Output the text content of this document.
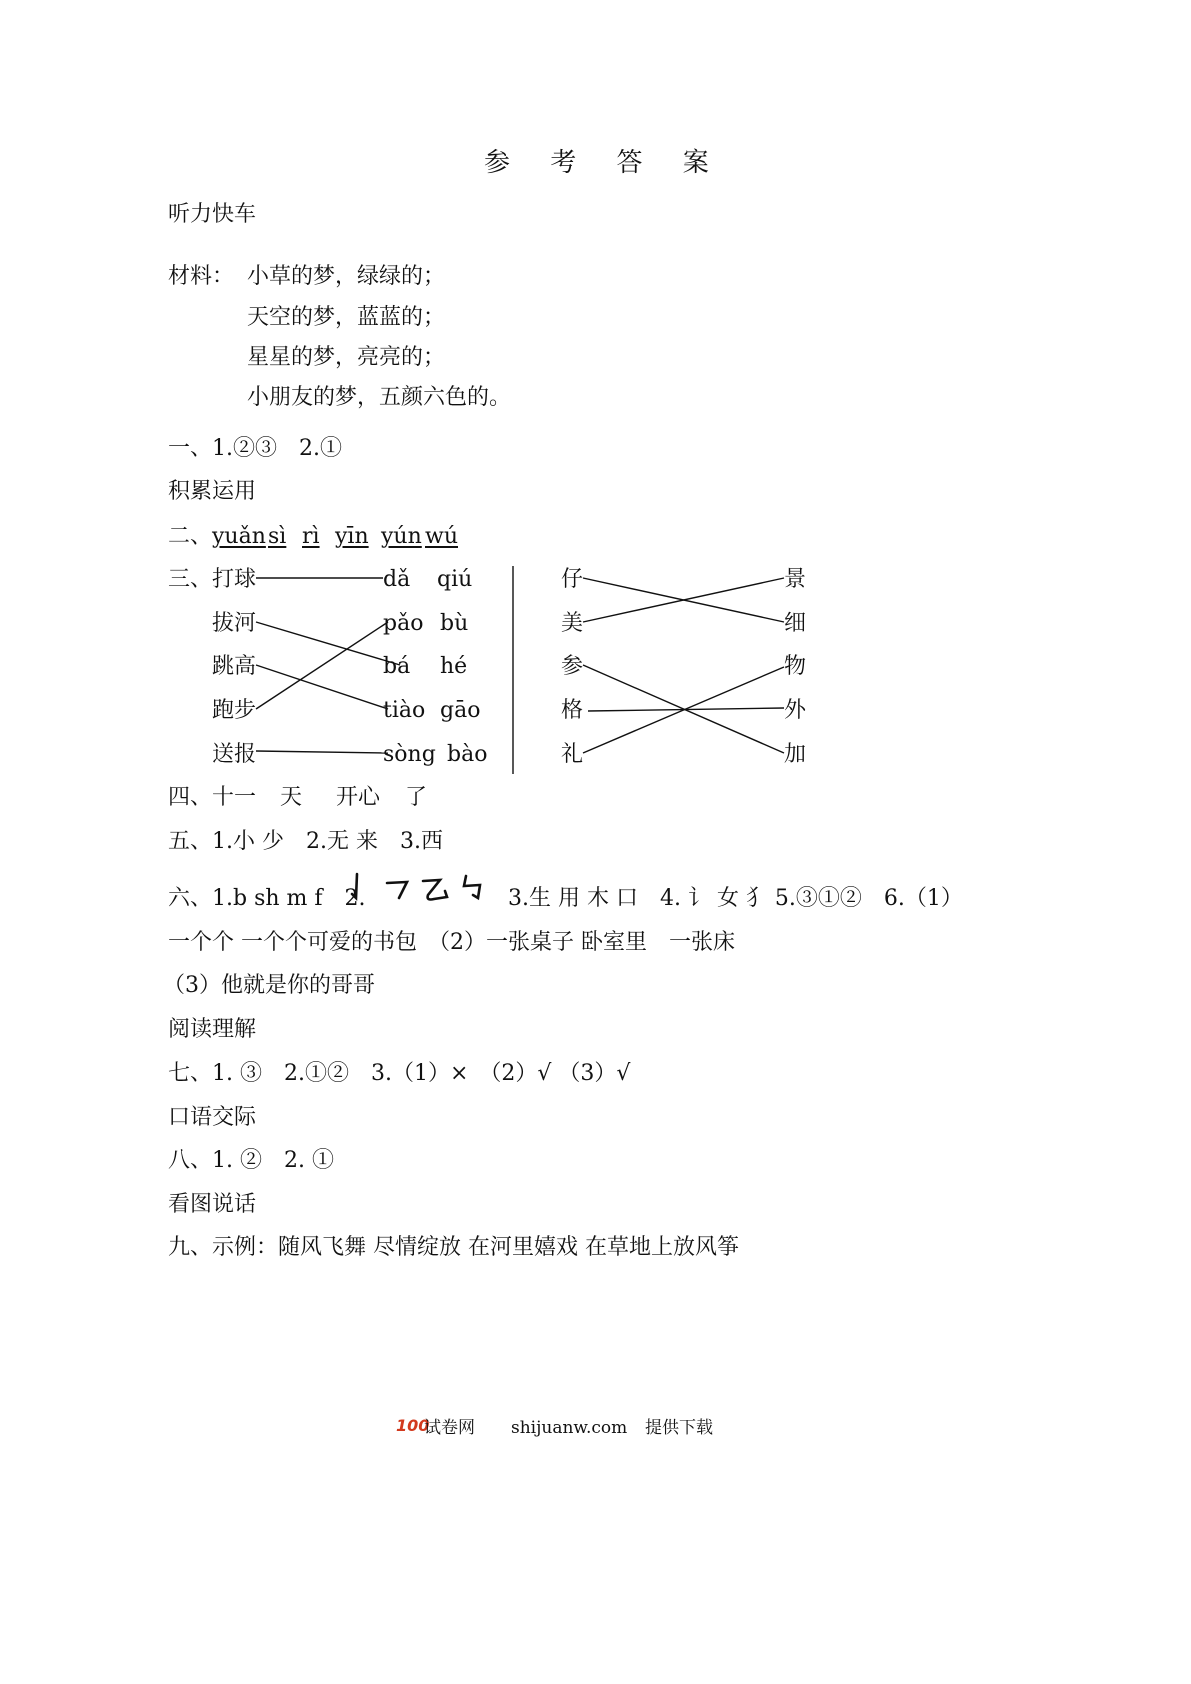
参 考 答 案
听力快车
材料： 小草的梦，绿绿的；
天空的梦，蓝蓝的；
星星的梦，亮亮的；
小朋友的梦，五颜六色的。
一、1.②③　2.①
积累运用
二、 yuǎn sì rì yīn yún wú
三、 打球
拔河
跳高
跑步
送报
dǎ
pǎo
bá
tiào
sòng
qiú
bù
hé
gāo
bào
仔
美
参
格
礼
景
细
物
外
加
四、十一 天 开心 了
五、1.小 少　2.无 来　3.西
六、1.b sh m f　2.	3.生 用 木 口　4. 讠 女 犭 5.③①②　6.（1）
一个个 一个个可爱的书包　（2）一张桌子 卧室里　一张床
（3）他就是你的哥哥
阅读理解
七、1. ③　2.①②　3.（1）×　（2）√ （3）√
口语交际
八、1. ②　2. ①
看图说话
九、示例：随风飞舞 尽情绽放 在河里嬉戏 在草地上放风筝
100
试卷网 shijuanw.com 提供下载
